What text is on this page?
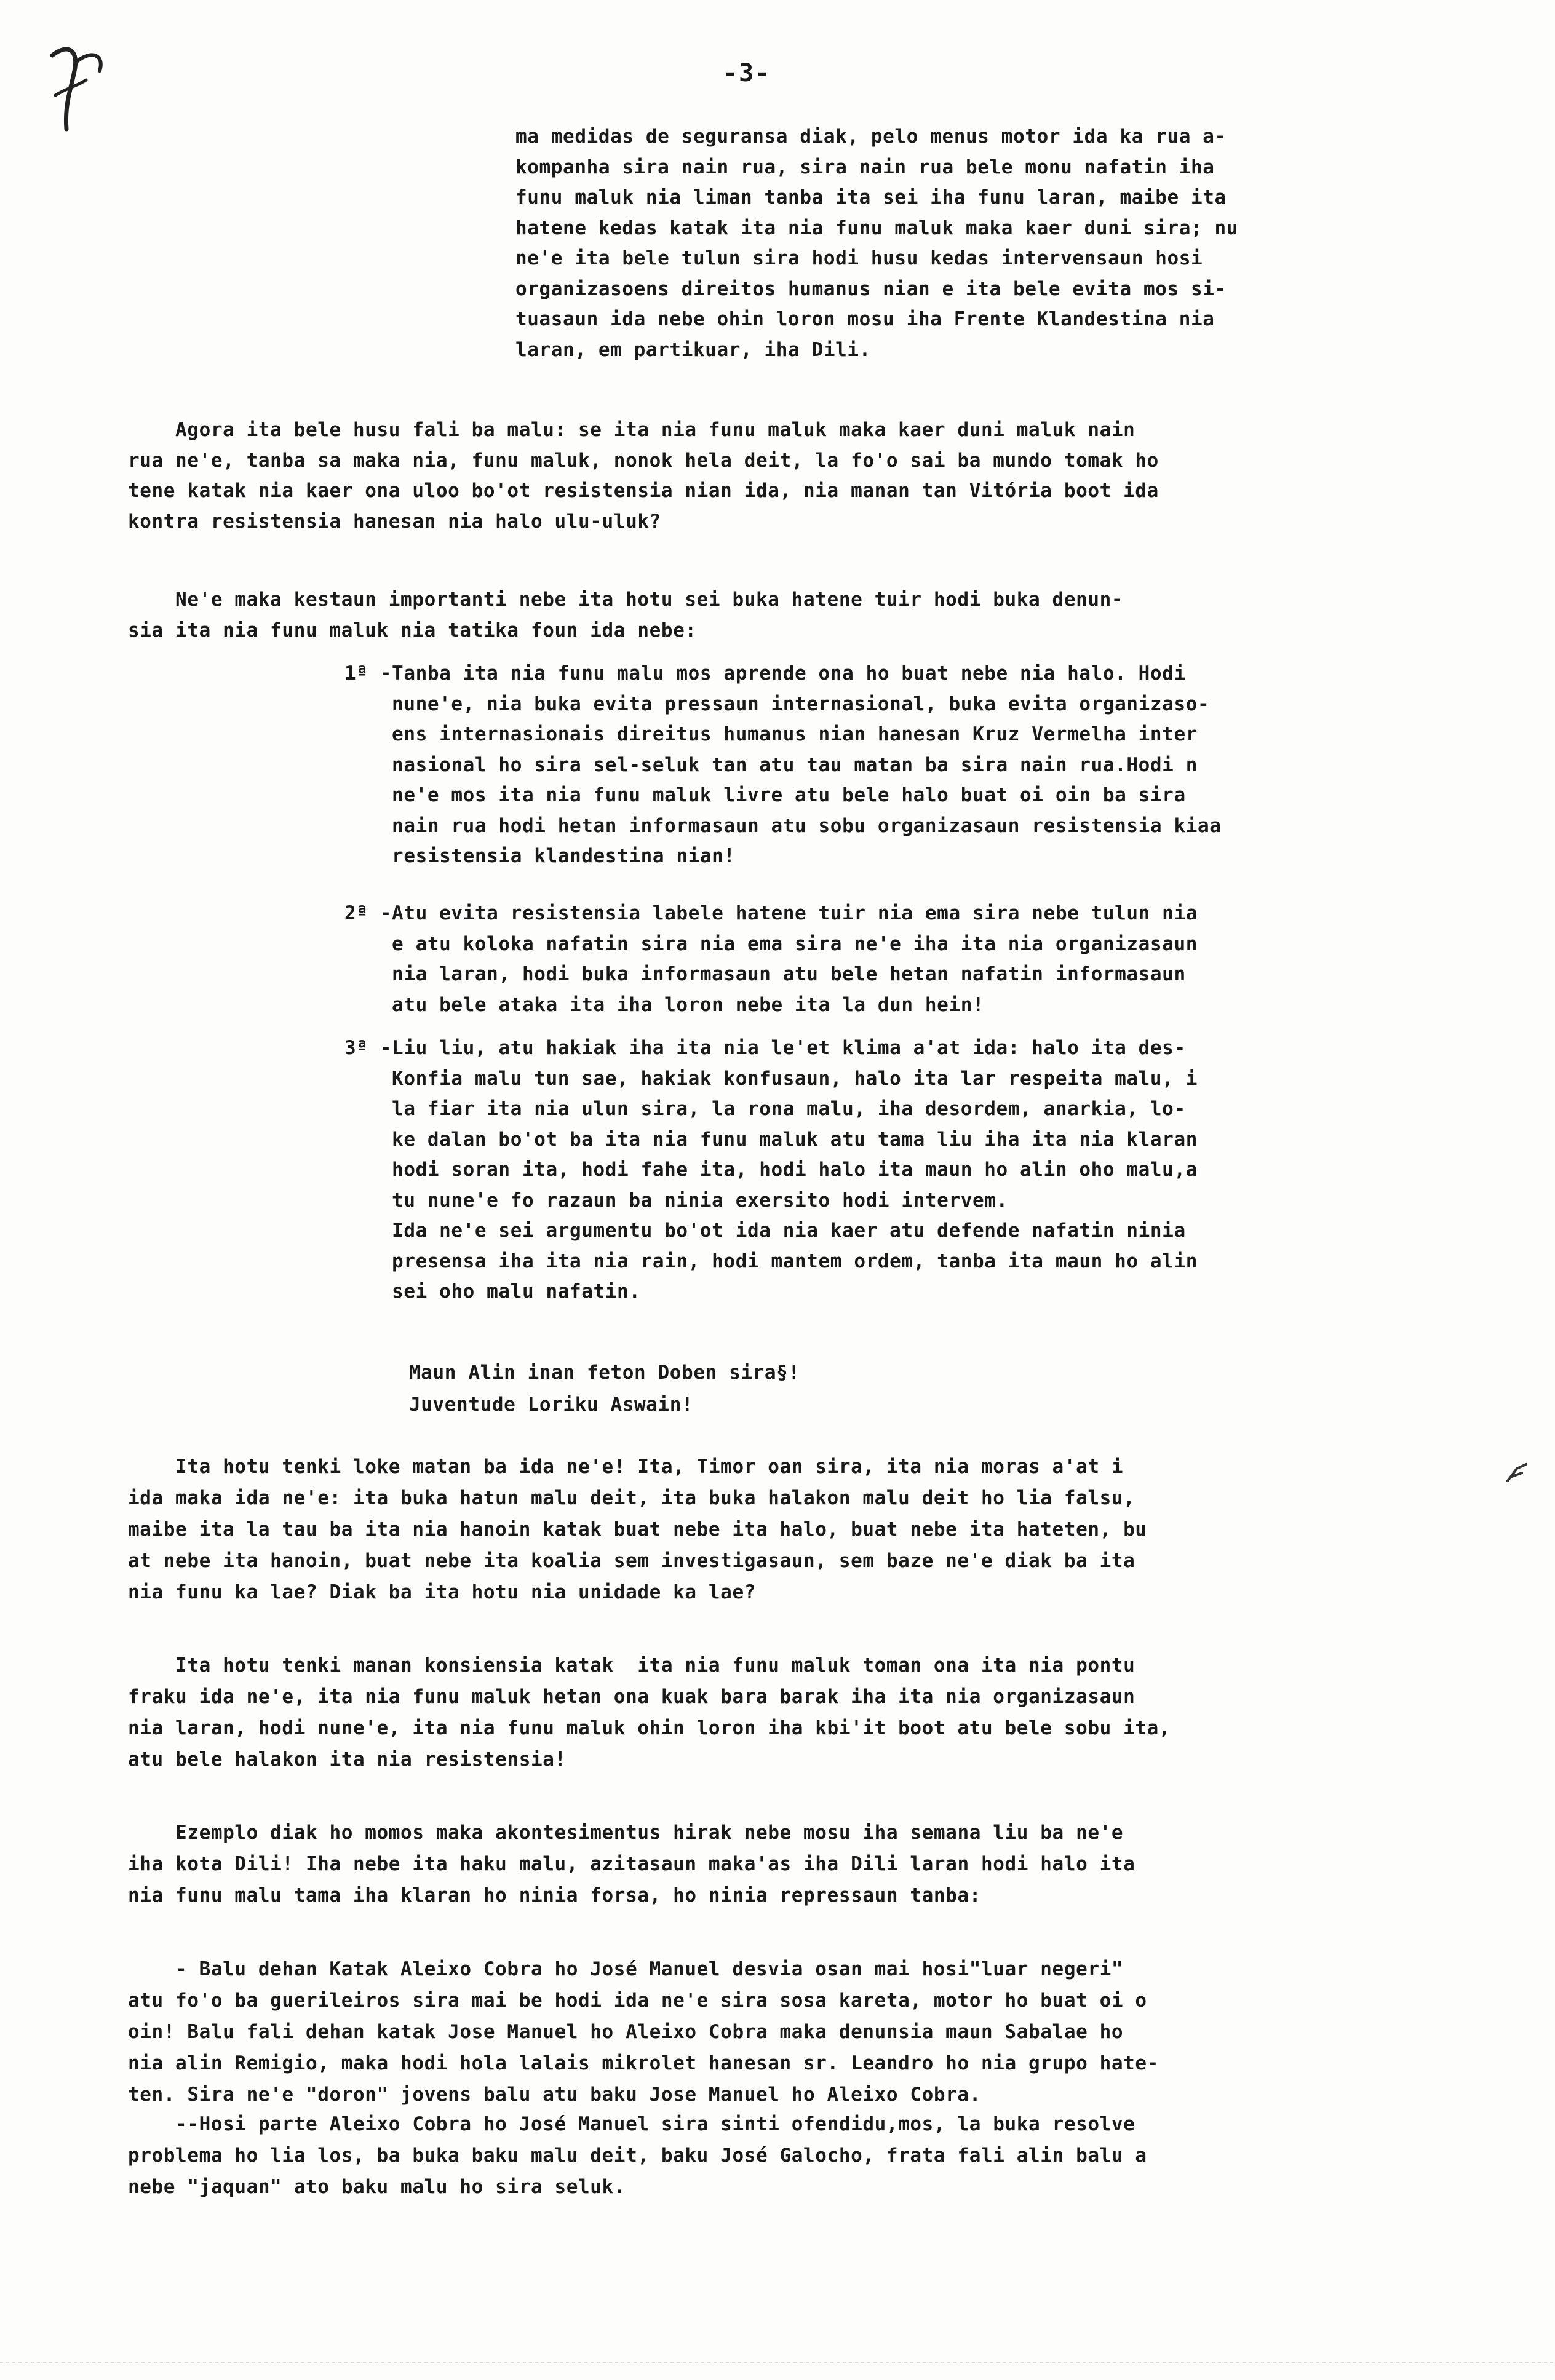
-3-

ma medidas de seguransa diak, pelo menus motor ida ka rua a-
kompanha sira nain rua, sira nain rua bele monu nafatin iha
funu maluk nia liman tanba ita sei iha funu laran, maibe ita
hatene kedas katak ita nia funu maluk maka kaer duni sira; nu
ne'e ita bele tulun sira hodi husu kedas intervensaun hosi
organizasoens direitos humanus nian e ita bele evita mos si-
tuasaun ida nebe ohin loron mosu iha Frente Klandestina nia
laran, em partikuar, iha Dili.

Agora ita bele husu fali ba malu: se ita nia funu maluk maka kaer duni maluk nain
rua ne'e, tanba sa maka nia, funu maluk, nonok hela deit, la fo'o sai ba mundo tomak ho
tene katak nia kaer ona uloo bo'ot resistensia nian ida, nia manan tan Vitória boot ida
kontra resistensia hanesan nia halo ulu-uluk?

Ne'e maka kestaun importanti nebe ita hotu sei buka hatene tuir hodi buka denun-
sia ita nia funu maluk nia tatika foun ida nebe:

1ª -Tanba ita nia funu malu mos aprende ona ho buat nebe nia halo. Hodi
nune'e, nia buka evita pressaun internasional, buka evita organizaso-
ens internasionais direitus humanus nian hanesan Kruz Vermelha inter
nasional ho sira sel-seluk tan atu tau matan ba sira nain rua.Hodi n
ne'e mos ita nia funu maluk livre atu bele halo buat oi oin ba sira
nain rua hodi hetan informasaun atu sobu organizasaun resistensia kiaa
resistensia klandestina nian!

2ª -Atu evita resistensia labele hatene tuir nia ema sira nebe tulun nia
e atu koloka nafatin sira nia ema sira ne'e iha ita nia organizasaun
nia laran, hodi buka informasaun atu bele hetan nafatin informasaun
atu bele ataka ita iha loron nebe ita la dun hein!

3ª -Liu liu, atu hakiak iha ita nia le'et klima a'at ida: halo ita des-
Konfia malu tun sae, hakiak konfusaun, halo ita lar respeita malu, i
la fiar ita nia ulun sira, la rona malu, iha desordem, anarkia, lo-
ke dalan bo'ot ba ita nia funu maluk atu tama liu iha ita nia klaran
hodi soran ita, hodi fahe ita, hodi halo ita maun ho alin oho malu,a
tu nune'e fo razaun ba ninia exersito hodi intervem.
Ida ne'e sei argumentu bo'ot ida nia kaer atu defende nafatin ninia
presensa iha ita nia rain, hodi mantem ordem, tanba ita maun ho alin
sei oho malu nafatin.

Maun Alin inan feton Doben sira§!
Juventude Loriku Aswain!

Ita hotu tenki loke matan ba ida ne'e! Ita, Timor oan sira, ita nia moras a'at i
ida maka ida ne'e: ita buka hatun malu deit, ita buka halakon malu deit ho lia falsu,
maibe ita la tau ba ita nia hanoin katak buat nebe ita halo, buat nebe ita hateten, bu
at nebe ita hanoin, buat nebe ita koalia sem investigasaun, sem baze ne'e diak ba ita
nia funu ka lae? Diak ba ita hotu nia unidade ka lae?

Ita hotu tenki manan konsiensia katak  ita nia funu maluk toman ona ita nia pontu
fraku ida ne'e, ita nia funu maluk hetan ona kuak bara barak iha ita nia organizasaun
nia laran, hodi nune'e, ita nia funu maluk ohin loron iha kbi'it boot atu bele sobu ita,
atu bele halakon ita nia resistensia!

Ezemplo diak ho momos maka akontesimentus hirak nebe mosu iha semana liu ba ne'e
iha kota Dili! Iha nebe ita haku malu, azitasaun maka'as iha Dili laran hodi halo ita
nia funu malu tama iha klaran ho ninia forsa, ho ninia repressaun tanba:

- Balu dehan Katak Aleixo Cobra ho José Manuel desvia osan mai hosi"luar negeri"
atu fo'o ba guerileiros sira mai be hodi ida ne'e sira sosa kareta, motor ho buat oi o
oin! Balu fali dehan katak Jose Manuel ho Aleixo Cobra maka denunsia maun Sabalae ho
nia alin Remigio, maka hodi hola lalais mikrolet hanesan sr. Leandro ho nia grupo hate-
ten. Sira ne'e "doron" jovens balu atu baku Jose Manuel ho Aleixo Cobra.

--Hosi parte Aleixo Cobra ho José Manuel sira sinti ofendidu,mos, la buka resolve
problema ho lia los, ba buka baku malu deit, baku José Galocho, frata fali alin balu a
nebe "jaquan" ato baku malu ho sira seluk.
